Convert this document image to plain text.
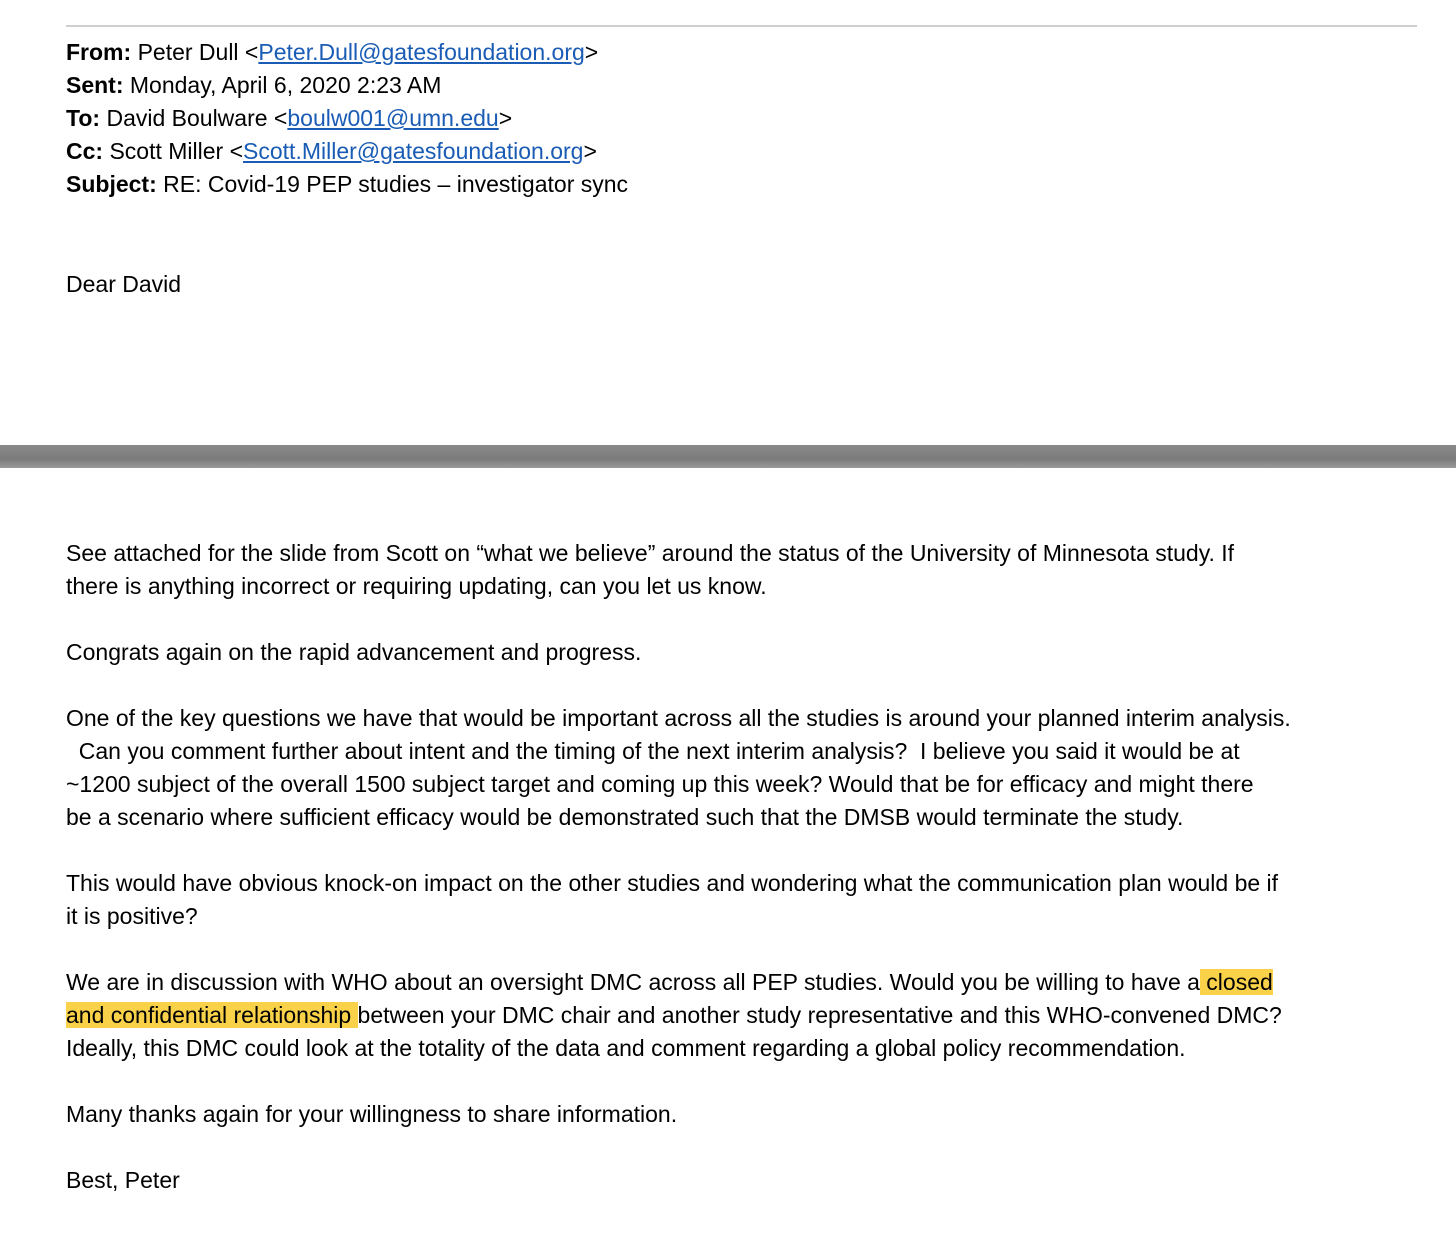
From: Peter Dull <Peter.Dull@gatesfoundation.org>
Sent: Monday, April 6, 2020 2:23 AM
To: David Boulware <boulw001@umn.edu>
Cc: Scott Miller <Scott.Miller@gatesfoundation.org>
Subject: RE: Covid-19 PEP studies – investigator sync
Dear David

See attached for the slide from Scott on “what we believe” around the status of the University of Minnesota study. If
there is anything incorrect or requiring updating, can you let us know.

Congrats again on the rapid advancement and progress.

One of the key questions we have that would be important across all the studies is around your planned interim analysis.
Can you comment further about intent and the timing of the next interim analysis?  I believe you said it would be at
~1200 subject of the overall 1500 subject target and coming up this week? Would that be for efficacy and might there
be a scenario where sufficient efficacy would be demonstrated such that the DMSB would terminate the study.

This would have obvious knock-on impact on the other studies and wondering what the communication plan would be if
it is positive?

We are in discussion with WHO about an oversight DMC across all PEP studies. Would you be willing to have a closed
and confidential relationship between your DMC chair and another study representative and this WHO-convened DMC?
Ideally, this DMC could look at the totality of the data and comment regarding a global policy recommendation.

Many thanks again for your willingness to share information.

Best, Peter
